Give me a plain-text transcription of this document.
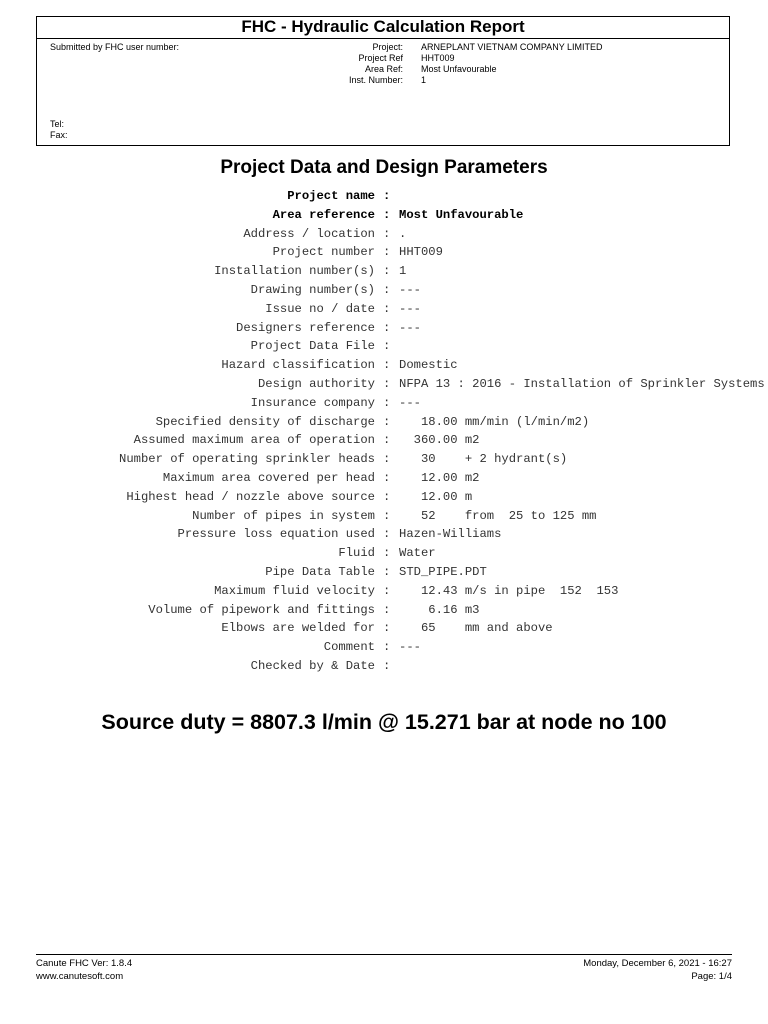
FHC - Hydraulic Calculation Report
Submitted by FHC user number:	Project:
Project Ref
Area Ref:
Inst. Number:
ARNEPLANT VIETNAM COMPANY LIMITED
HHT009
Most Unfavourable
1
Tel:
Fax:
Project Data and Design Parameters
Project name :
Area reference : Most Unfavourable
Address / location : .
Project number : HHT009
Installation number(s) : 1
Drawing number(s) : ---
Issue no / date : ---
Designers reference : ---
Project Data File :
Hazard classification : Domestic
Design authority : NFPA 13 : 2016 - Installation of Sprinkler Systems
Insurance company : ---
Specified density of discharge : 18.00 mm/min (l/min/m2)
Assumed maximum area of operation : 360.00 m2
Number of operating sprinkler heads : 30    + 2 hydrant(s)
Maximum area covered per head : 12.00 m2
Highest head / nozzle above source : 12.00 m
Number of pipes in system : 52    from  25 to 125 mm
Pressure loss equation used : Hazen-Williams
Fluid : Water
Pipe Data Table : STD_PIPE.PDT
Maximum fluid velocity : 12.43 m/s in pipe  152  153
Volume of pipework and fittings : 6.16 m3
Elbows are welded for : 65    mm and above
Comment : ---
Checked by & Date :
Source duty = 8807.3 l/min @ 15.271 bar at node no 100
Canute FHC Ver: 1.8.4
www.canutesoft.com
Monday, December 6, 2021 - 16:27
Page: 1/4
